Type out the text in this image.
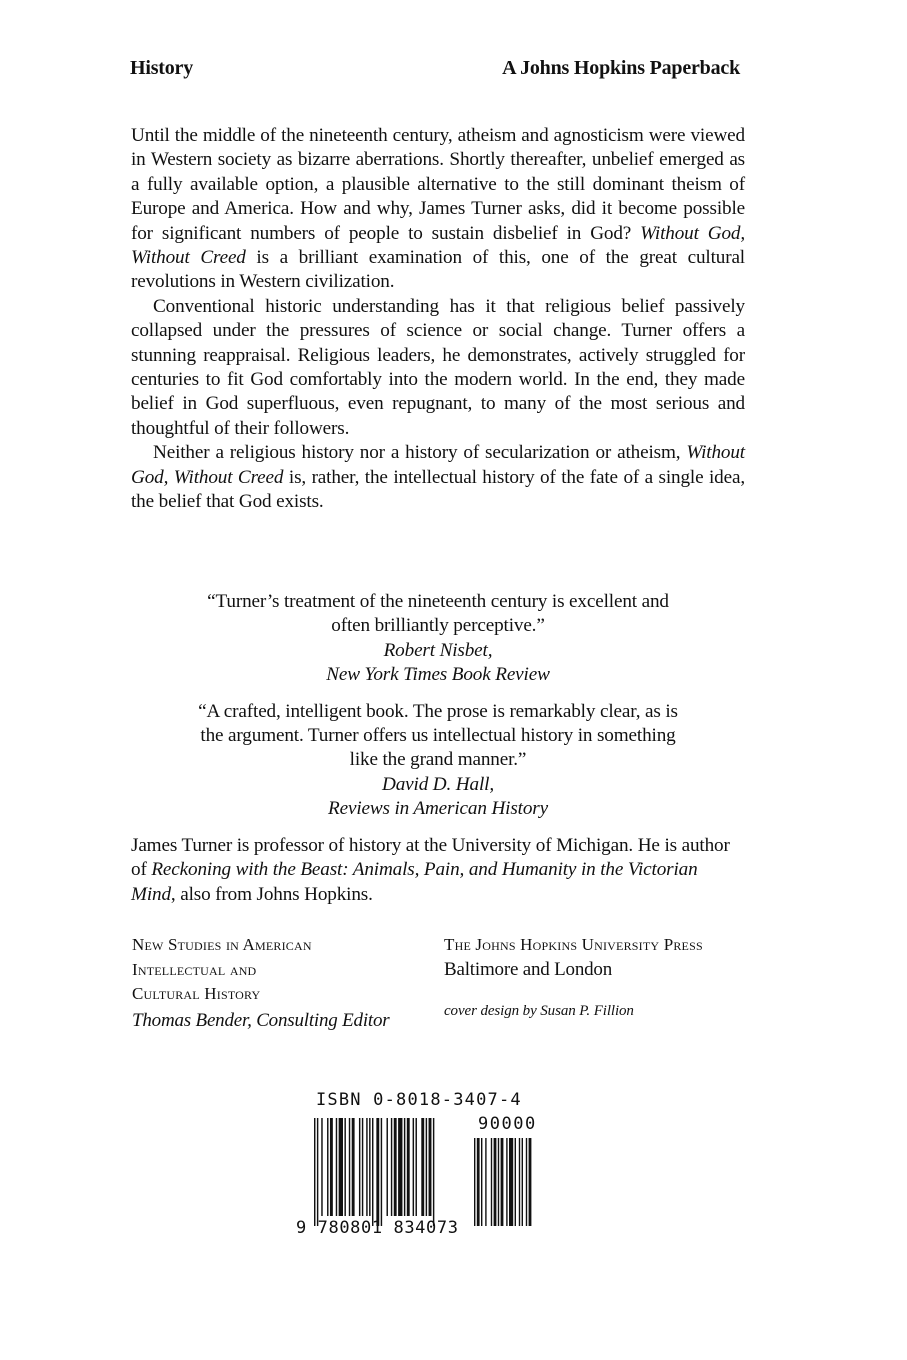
History	A Johns Hopkins Paperback

Until the middle of the nineteenth century, atheism and agnosticism were viewed in Western society as bizarre aberrations. Shortly thereafter, unbelief emerged as a fully available option, a plausible alternative to the still dominant theism of Europe and America. How and why, James Turner asks, did it become possible for significant numbers of people to sustain disbelief in God? Without God, Without Creed is a brilliant examination of this, one of the great cultural revolutions in Western civilization.

Conventional historic understanding has it that religious belief passively collapsed under the pressures of science or social change. Turner offers a stunning reappraisal. Religious leaders, he demonstrates, actively struggled for centuries to fit God comfortably into the modern world. In the end, they made belief in God superfluous, even repugnant, to many of the most serious and thoughtful of their followers.

Neither a religious history nor a history of secularization or atheism, Without God, Without Creed is, rather, the intellectual history of the fate of a single idea, the belief that God exists.

“Turner’s treatment of the nineteenth century is excellent and
often brilliantly perceptive.”
Robert Nisbet,
New York Times Book Review
“A crafted, intelligent book. The prose is remarkably clear, as is
the argument. Turner offers us intellectual history in something
like the grand manner.”
David D. Hall,
Reviews in American History

James Turner is professor of history at the University of Michigan. He is author of Reckoning with the Beast: Animals, Pain, and Humanity in the Victorian Mind, also from Johns Hopkins.

New Studies in American
Intellectual and
Cultural History
Thomas Bender, Consulting Editor
The Johns Hopkins University Press
Baltimore and London
cover design by Susan P. Fillion
ISBN 0-8018-3407-4
90000
9 780801 834073
